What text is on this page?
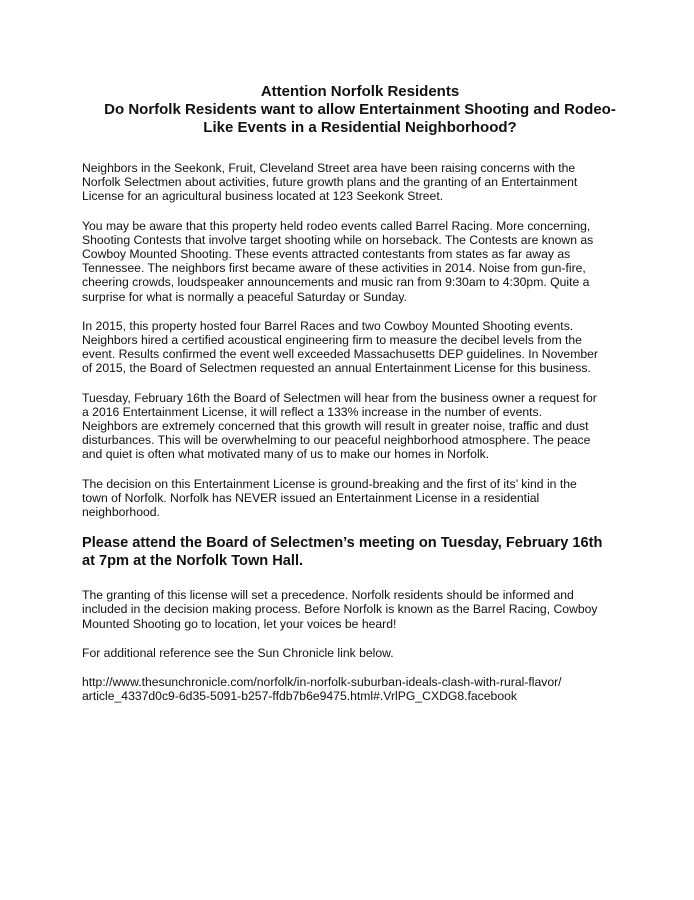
Attention Norfolk Residents
Do Norfolk Residents want to allow Entertainment Shooting and Rodeo-
Like Events in a Residential Neighborhood?
Neighbors in the Seekonk, Fruit, Cleveland Street area have been raising concerns with the
Norfolk Selectmen about activities, future growth plans and the granting of an Entertainment
License for an agricultural business located at 123 Seekonk Street.
You may be aware that this property held rodeo events called Barrel Racing. More concerning,
Shooting Contests that involve target shooting while on horseback. The Contests are known as
Cowboy Mounted Shooting. These events attracted contestants from states as far away as
Tennessee. The neighbors first became aware of these activities in 2014. Noise from gun-fire,
cheering crowds, loudspeaker announcements and music ran from 9:30am to 4:30pm. Quite a
surprise for what is normally a peaceful Saturday or Sunday.
In 2015, this property hosted four Barrel Races and two Cowboy Mounted Shooting events.
Neighbors hired a certified acoustical engineering firm to measure the decibel levels from the
event. Results confirmed the event well exceeded Massachusetts DEP guidelines. In November
of 2015, the Board of Selectmen requested an annual Entertainment License for this business.
Tuesday, February 16th the Board of Selectmen will hear from the business owner a request for
a 2016 Entertainment License, it will reflect a 133% increase in the number of events.
Neighbors are extremely concerned that this growth will result in greater noise, traffic and dust
disturbances. This will be overwhelming to our peaceful neighborhood atmosphere. The peace
and quiet is often what motivated many of us to make our homes in Norfolk.
The decision on this Entertainment License is ground-breaking and the first of its’ kind in the
town of Norfolk. Norfolk has NEVER issued an Entertainment License in a residential
neighborhood.
Please attend the Board of Selectmen’s meeting on Tuesday, February 16th
at 7pm at the Norfolk Town Hall.
The granting of this license will set a precedence. Norfolk residents should be informed and
included in the decision making process. Before Norfolk is known as the Barrel Racing, Cowboy
Mounted Shooting go to location, let your voices be heard!
For additional reference see the Sun Chronicle link below.
http://www.thesunchronicle.com/norfolk/in-norfolk-suburban-ideals-clash-with-rural-flavor/
article_4337d0c9-6d35-5091-b257-ffdb7b6e9475.html#.VrlPG_CXDG8.facebook
